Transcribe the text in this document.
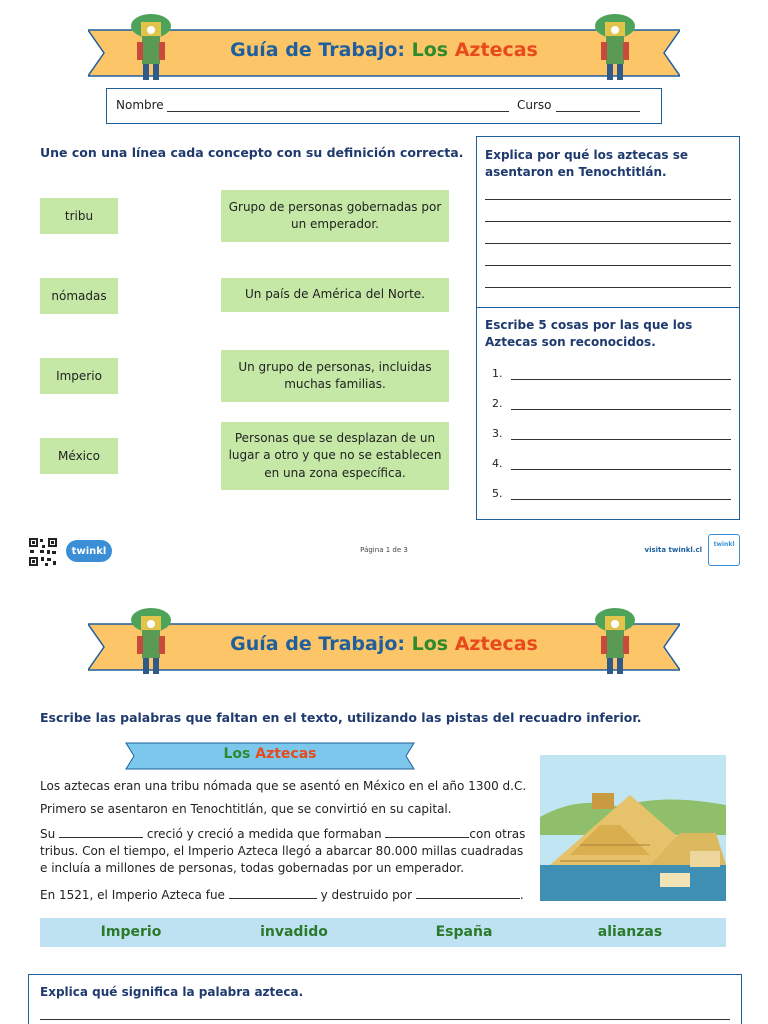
Guía de Trabajo: Los Aztecas
Nombre	Curso
Une con una línea cada concepto con su definición correcta.
tribu
nómadas
Imperio
México
Grupo de personas gobernadas por un emperador.
Un país de América del Norte.
Un grupo de personas, incluidas muchas familias.
Personas que se desplazan de un lugar a otro y que no se establecen en una zona específica.
Explica por qué los aztecas se asentaron en Tenochtitlán.
Escribe 5 cosas por las que los Aztecas son reconocidos.
1.
2.
3.
4.
5.
twinkl	Página 1 de 3	visita twinkl.cl
twinkl
Guía de Trabajo: Los Aztecas
Escribe las palabras que faltan en el texto, utilizando las pistas del recuadro inferior.
Los Aztecas
Los aztecas eran una tribu nómada que se asentó en México en el año 1300 d.C.
Primero se asentaron en Tenochtitlán, que se convirtió en su capital.
Su	creció y creció a medida que formaban	con otras
tribus. Con el tiempo, el Imperio Azteca llegó a abarcar 80.000 millas cuadradas
e incluía a millones de personas, todas gobernadas por un emperador.
En 1521, el Imperio Azteca fue	y destruido por	.
Imperio	invadido	España	alianzas
Explica qué significa la palabra azteca.
